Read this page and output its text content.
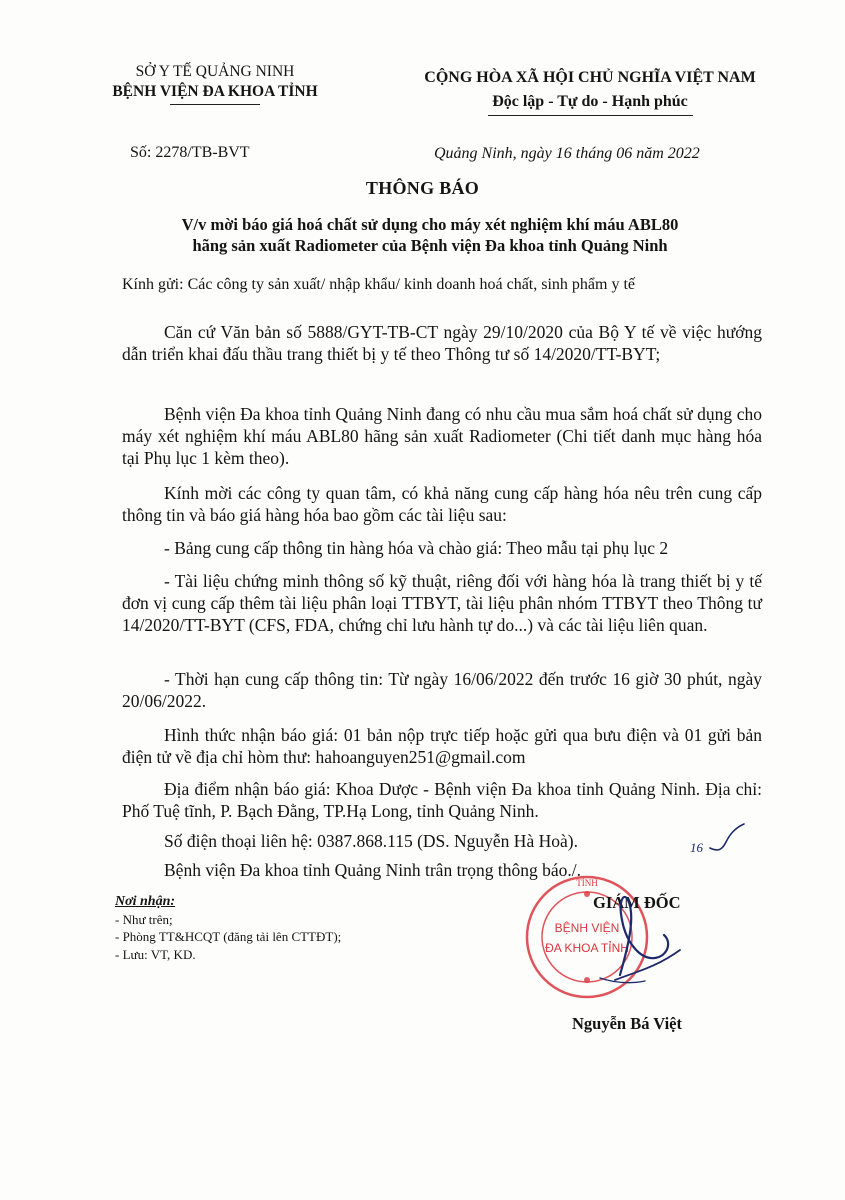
SỞ Y TẾ QUẢNG NINH
BỆNH VIỆN ĐA KHOA TỈNH
CỘNG HÒA XÃ HỘI CHỦ NGHĨA VIỆT NAM
Độc lập - Tự do - Hạnh phúc
Số: 2278/TB-BVT	Quảng Ninh, ngày 16 tháng 06 năm 2022
THÔNG BÁO
V/v mời báo giá hoá chất sử dụng cho máy xét nghiệm khí máu ABL80
hãng sản xuất Radiometer của Bệnh viện Đa khoa tỉnh Quảng Ninh
Kính gửi: Các công ty sản xuất/ nhập khẩu/ kinh doanh hoá chất, sinh phẩm y tế
Căn cứ Văn bản số 5888/GYT-TB-CT ngày 29/10/2020 của Bộ Y tế về việc hướng dẫn triển khai đấu thầu trang thiết bị y tế theo Thông tư số 14/2020/TT-BYT;
Bệnh viện Đa khoa tỉnh Quảng Ninh đang có nhu cầu mua sắm hoá chất sử dụng cho máy xét nghiệm khí máu ABL80 hãng sản xuất Radiometer (Chi tiết danh mục hàng hóa tại Phụ lục 1 kèm theo).
Kính mời các công ty quan tâm, có khả năng cung cấp hàng hóa nêu trên cung cấp thông tin và báo giá hàng hóa bao gồm các tài liệu sau:
- Bảng cung cấp thông tin hàng hóa và chào giá: Theo mẫu tại phụ lục 2
- Tài liệu chứng minh thông số kỹ thuật, riêng đối với hàng hóa là trang thiết bị y tế đơn vị cung cấp thêm tài liệu phân loại TTBYT, tài liệu phân nhóm TTBYT theo Thông tư 14/2020/TT-BYT (CFS, FDA, chứng chỉ lưu hành tự do...) và các tài liệu liên quan.
- Thời hạn cung cấp thông tin: Từ ngày 16/06/2022 đến trước 16 giờ 30 phút, ngày 20/06/2022.
Hình thức nhận báo giá: 01 bản nộp trực tiếp hoặc gửi qua bưu điện và 01 gửi bản điện tử về địa chỉ hòm thư: hahoanguyen251@gmail.com
Địa điểm nhận báo giá: Khoa Dược - Bệnh viện Đa khoa tỉnh Quảng Ninh. Địa chỉ: Phố Tuệ tĩnh, P. Bạch Đằng, TP.Hạ Long, tỉnh Quảng Ninh.
Số điện thoại liên hệ: 0387.868.115 (DS. Nguyễn Hà Hoà).
Bệnh viện Đa khoa tỉnh Quảng Ninh trân trọng thông báo./.
Nơi nhận:
- Như trên;
- Phòng TT&HCQT (đăng tải lên CTTĐT);
- Lưu: VT, KD.
TỈNH
BỆNH VIỆN
ĐA KHOA TỈNH
GIÁM ĐỐC
16
Nguyễn Bá Việt
